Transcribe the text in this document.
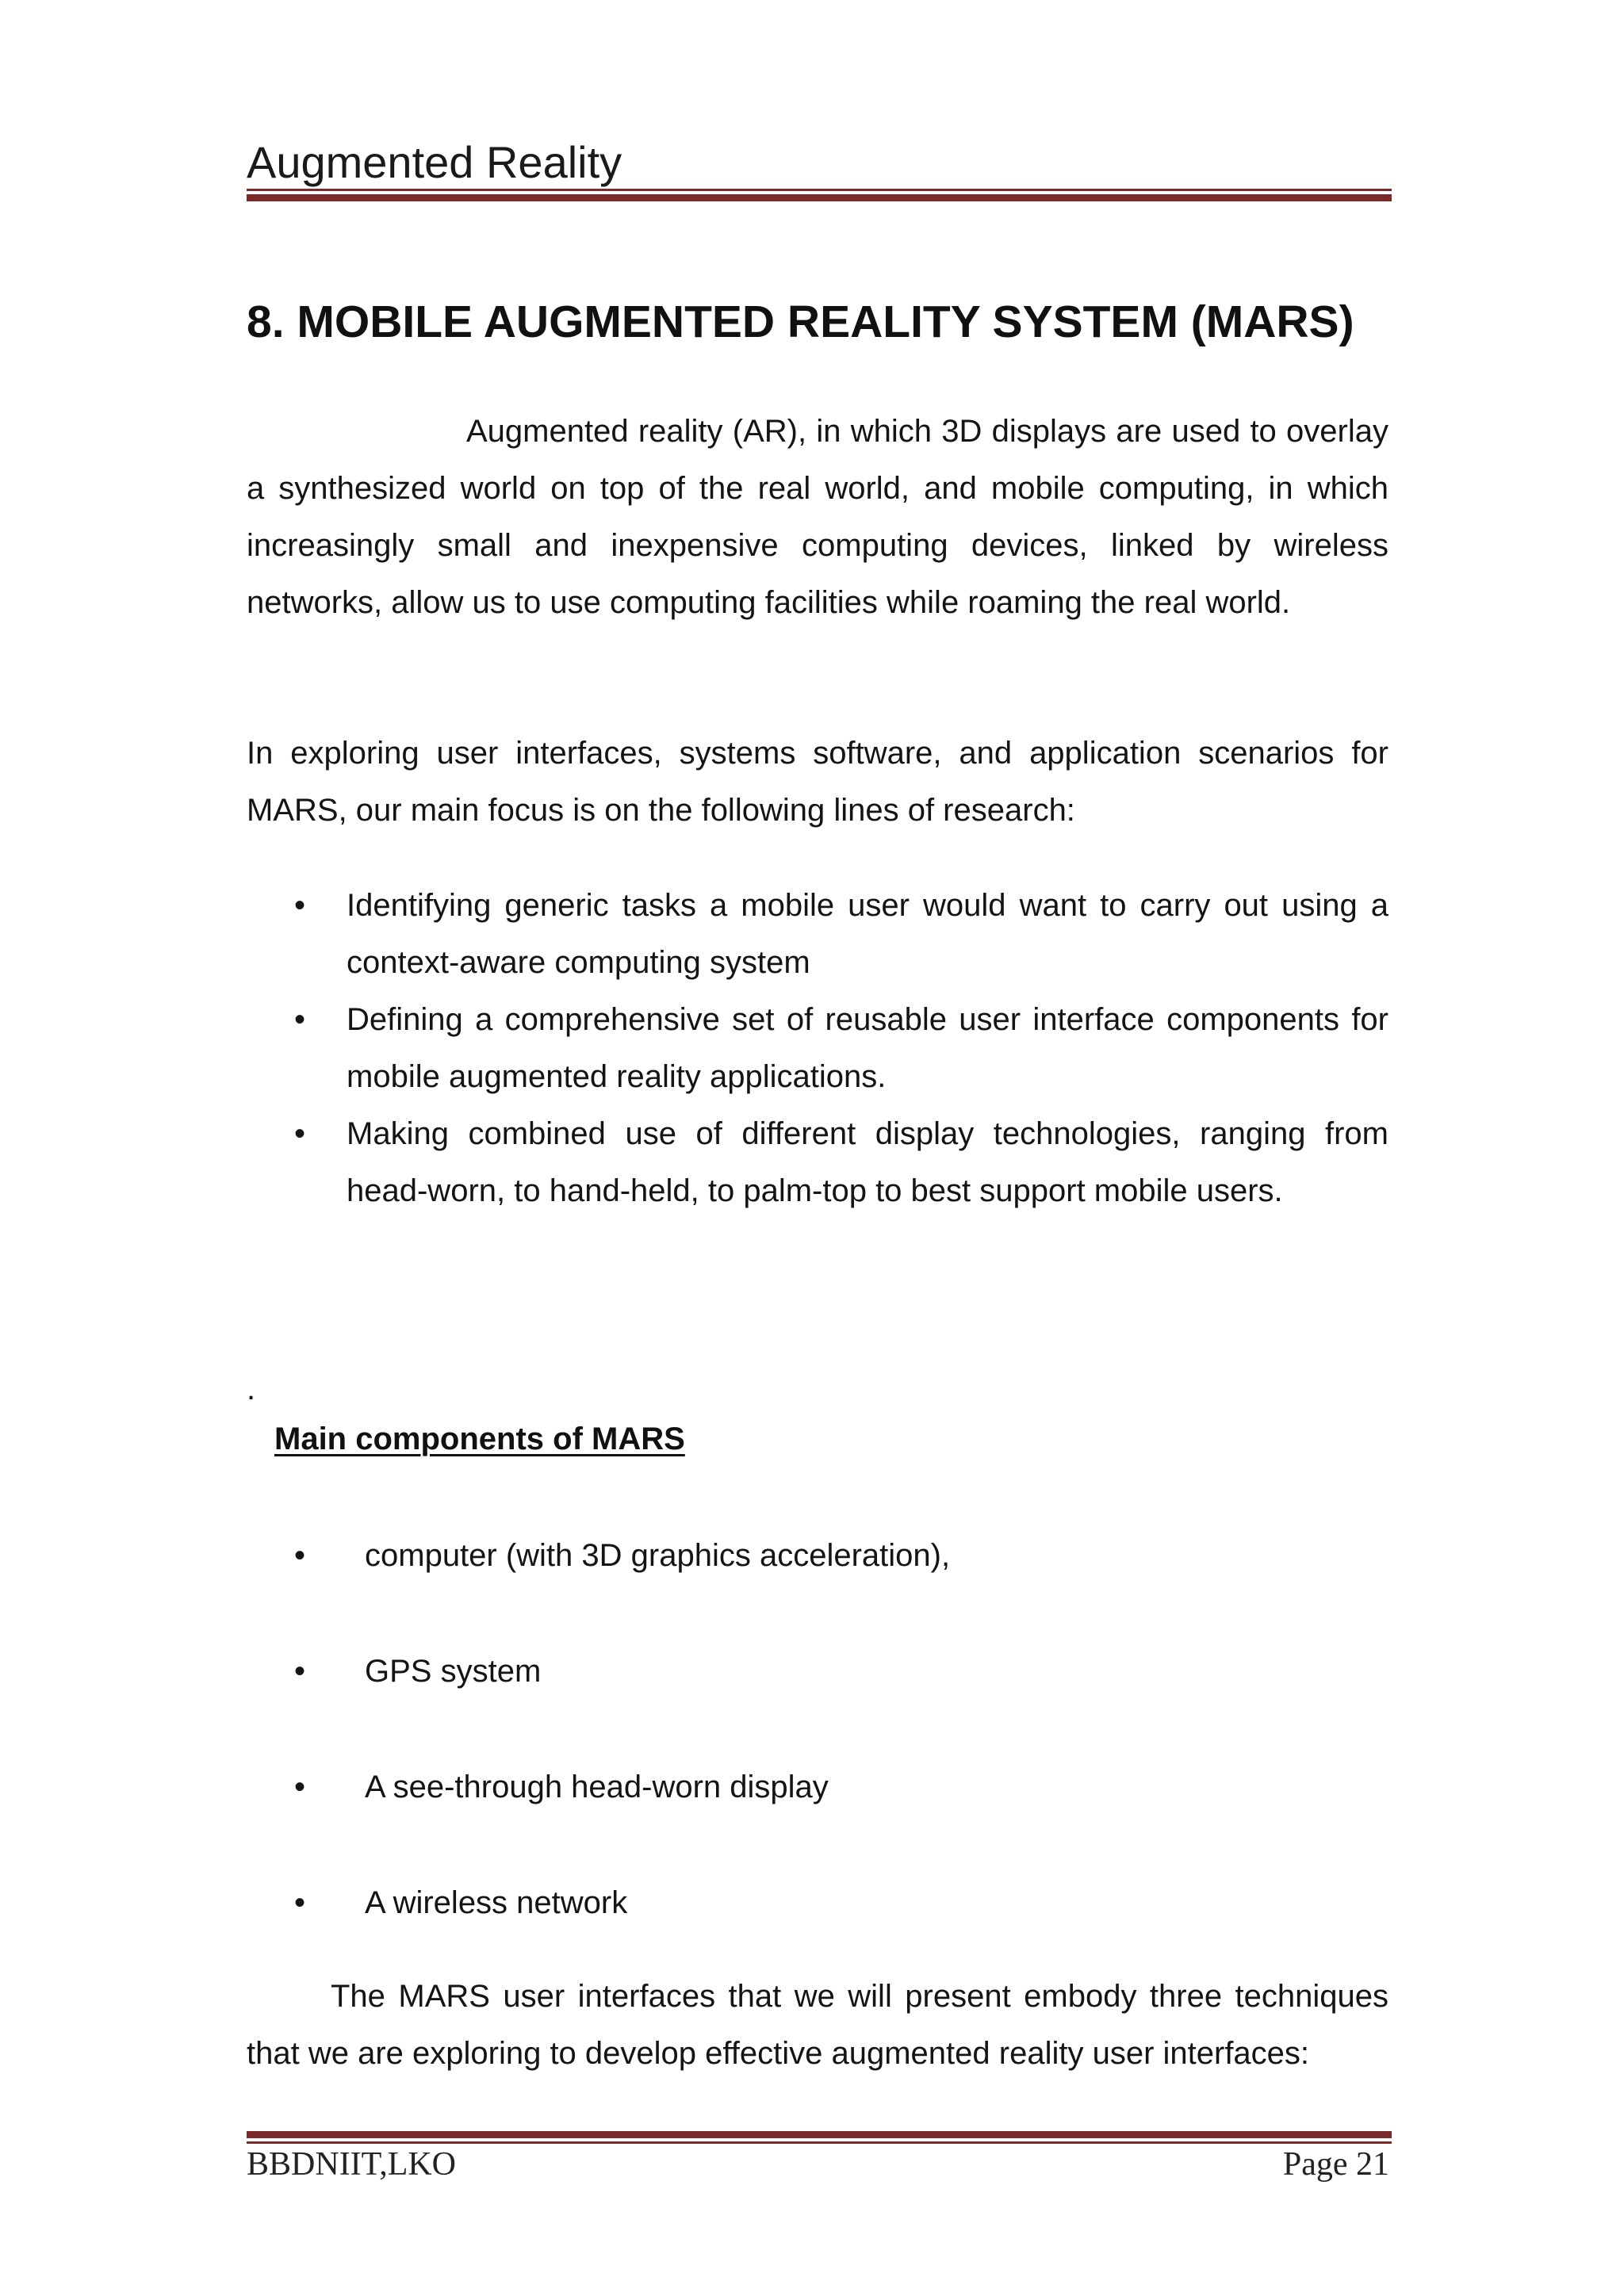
Augmented Reality
8. MOBILE AUGMENTED REALITY SYSTEM (MARS)
Augmented reality (AR), in which 3D displays are used to overlay a synthesized world on top of the real world, and mobile computing, in which increasingly small and inexpensive computing devices, linked by wireless networks, allow us to use computing facilities while roaming the real world.
In exploring user interfaces, systems software, and application scenarios for MARS, our main focus is on the following lines of research:
• Identifying generic tasks a mobile user would want to carry out using a context-aware computing system
• Defining a comprehensive set of reusable user interface components for mobile augmented reality applications.
• Making combined use of different display technologies, ranging from head-worn, to hand-held, to palm-top to best support mobile users.
.
Main components of MARS
• computer (with 3D graphics acceleration),
• GPS system
• A see-through head-worn display
• A wireless network
The MARS user interfaces that we will present embody three techniques that we are exploring to develop effective augmented reality user interfaces:
BBDNIIT,LKO	Page 21
